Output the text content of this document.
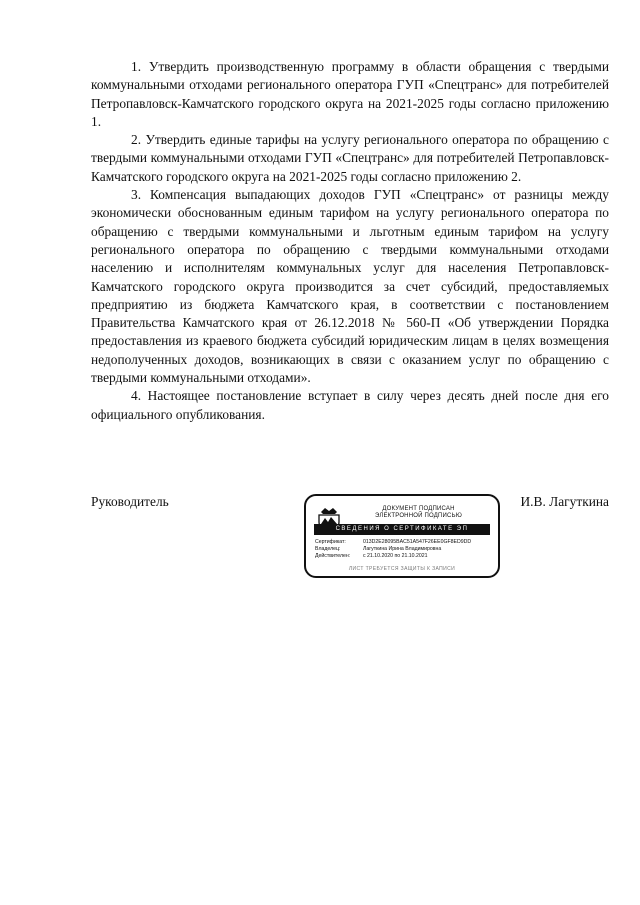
1. Утвердить производственную программу в области обращения с твердыми коммунальными отходами регионального оператора ГУП «Спецтранс» для потребителей Петропавловск-Камчатского городского округа на 2021-2025 годы согласно приложению 1.

2. Утвердить единые тарифы на услугу регионального оператора по обращению с твердыми коммунальными отходами ГУП «Спецтранс» для потребителей Петропавловск-Камчатского городского округа на 2021-2025 годы согласно приложению 2.

3. Компенсация выпадающих доходов ГУП «Спецтранс» от разницы между экономически обоснованным единым тарифом на услугу регионального оператора по обращению с твердыми коммунальными и льготным единым тарифом на услугу регионального оператора по обращению с твердыми коммунальными отходами населению и исполнителям коммунальных услуг для населения Петропавловск-Камчатского городского округа производится за счет субсидий, предоставляемых предприятию из бюджета Камчатского края, в соответствии с постановлением Правительства Камчатского края от 26.12.2018 № 560-П «Об утверждении Порядка предоставления из краевого бюджета субсидий юридическим лицам в целях возмещения недополученных доходов, возникающих в связи с оказанием услуг по обращению с твердыми коммунальными отходами».

4. Настоящее постановление вступает в силу через десять дней после дня его официального опубликования.

Руководитель	ДОКУМЕНТ ПОДПИСАН
ЭЛЕКТРОННОЙ ПОДПИСЬЮ
СВЕДЕНИЯ О СЕРТИФИКАТЕ ЭП
Сертификат:	013D2E28095BAC51A547F26EE0GF8ED9DD
Владелец:	Лагуткина Ирина Владимировна
Действителен:	с 21.10.2020 по 21.10.2021
ЛИСТ ТРЕБУЕТСЯ ЗАЩИТЫ К ЗАПИСИ
И.В. Лагуткина
